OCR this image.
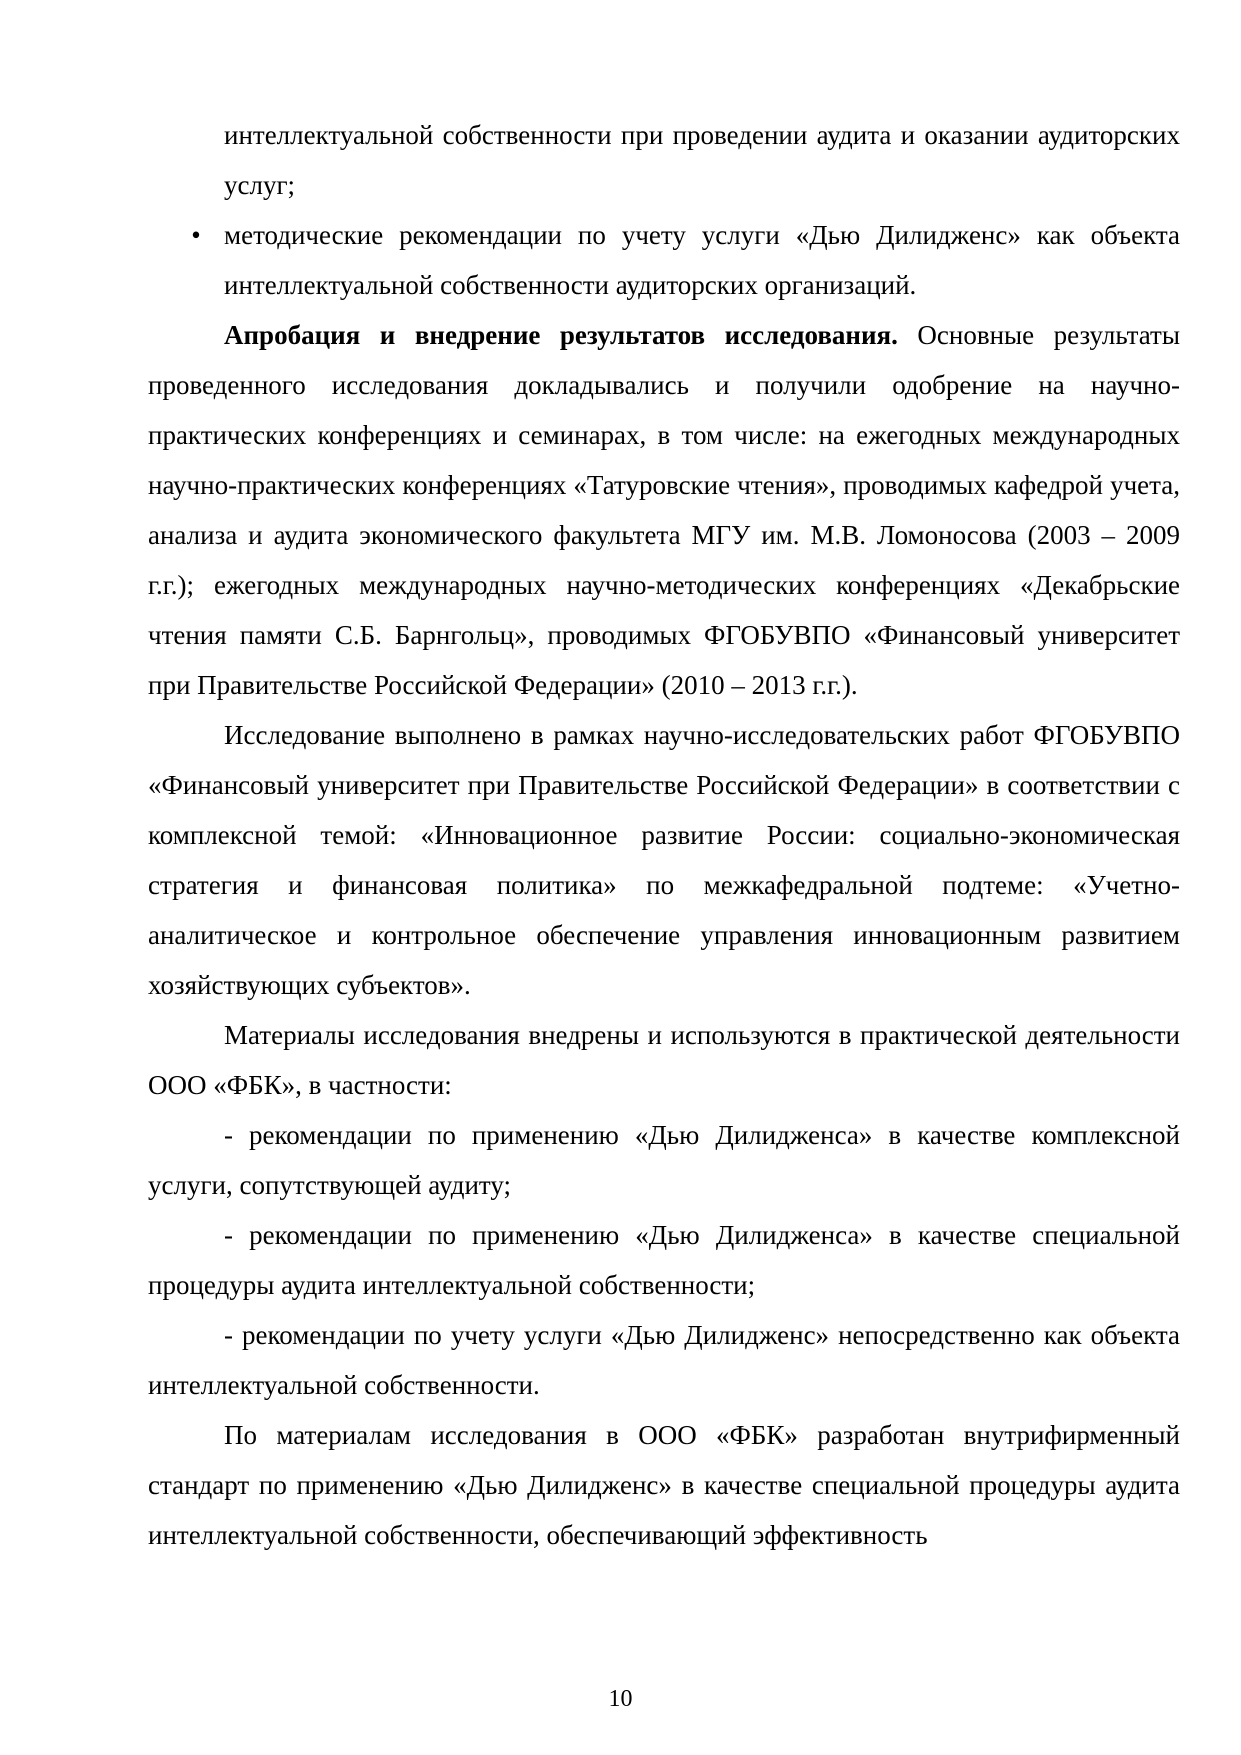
интеллектуальной собственности при проведении аудита и оказании аудиторских услуг;

• методические рекомендации по учету услуги «Дью Дилидженс» как объекта интеллектуальной собственности аудиторских организаций.

Апробация и внедрение результатов исследования. Основные результаты проведенного исследования докладывались и получили одобрение на научно-практических конференциях и семинарах, в том числе: на ежегодных международных научно-практических конференциях «Татуровские чтения», проводимых кафедрой учета, анализа и аудита экономического факультета МГУ им. М.В. Ломоносова (2003 – 2009 г.г.); ежегодных международных научно-методических конференциях «Декабрьские чтения памяти С.Б. Барнгольц», проводимых ФГОБУВПО «Финансовый университет при Правительстве Российской Федерации» (2010 – 2013 г.г.).

Исследование выполнено в рамках научно-исследовательских работ ФГОБУВПО «Финансовый университет при Правительстве Российской Федерации» в соответствии с комплексной темой: «Инновационное развитие России: социально-экономическая стратегия и финансовая политика» по межкафедральной подтеме: «Учетно-аналитическое и контрольное обеспечение управления инновационным развитием хозяйствующих субъектов».

Материалы исследования внедрены и используются в практической деятельности ООО «ФБК», в частности:

- рекомендации по применению «Дью Дилидженса» в качестве комплексной услуги, сопутствующей аудиту;

- рекомендации по применению «Дью Дилидженса» в качестве специальной процедуры аудита интеллектуальной собственности;

- рекомендации по учету услуги «Дью Дилидженс» непосредственно как объекта интеллектуальной собственности.

По материалам исследования в ООО «ФБК» разработан внутрифирменный стандарт по применению «Дью Дилидженс» в качестве специальной процедуры аудита интеллектуальной собственности, обеспечивающий эффективность

10
